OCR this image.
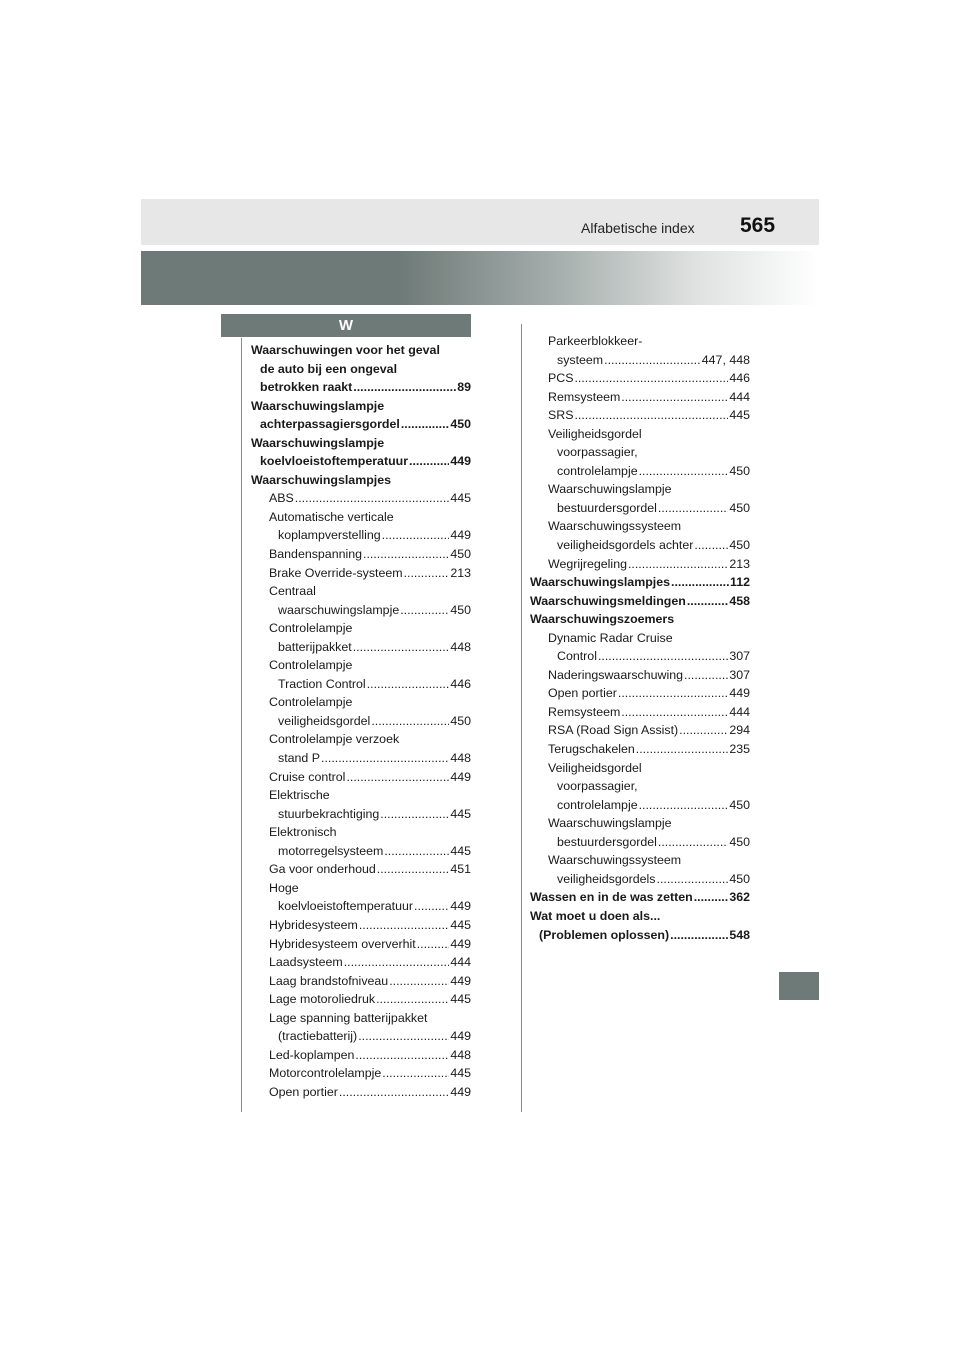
Alfabetische index 565
W
Waarschuwingen voor het geval
de auto bij een ongeval
betrokken raakt .....	89
Waarschuwingslampje
achterpassagiersgordel .....	450
Waarschuwingslampje
koelvloeistoftemperatuur .....	449
Waarschuwingslampjes
ABS .....	445
Automatische verticale
koplampverstelling .....	449
Bandenspanning .....	450
Brake Override-systeem .....	213
Centraal
waarschuwingslampje .....	450
Controlelampje
batterijpakket .....	448
Controlelampje
Traction Control .....	446
Controlelampje
veiligheidsgordel .....	450
Controlelampje verzoek
stand P .....	448
Cruise control .....	449
Elektrische
stuurbekrachtiging .....	445
Elektronisch
motorregelsysteem .....	445
Ga voor onderhoud .....	451
Hoge
koelvloeistoftemperatuur .....	449
Hybridesysteem .....	445
Hybridesysteem oververhit .....	449
Laadsysteem .....	444
Laag brandstofniveau .....	449
Lage motoroliedruk .....	445
Lage spanning batterijpakket
(tractiebatterij) .....	449
Led-koplampen .....	448
Motorcontrolelampje .....	445
Open portier .....	449
Parkeerblokkeer-
systeem .....	447, 448
PCS .....	446
Remsysteem .....	444
SRS .....	445
Veiligheidsgordel
voorpassagier,
controlelampje .....	450
Waarschuwingslampje
bestuurdersgordel .....	450
Waarschuwingssysteem
veiligheidsgordels achter .....	450
Wegrijregeling .....	213
Waarschuwingslampjes .....	112
Waarschuwingsmeldingen .....	458
Waarschuwingszoemers
Dynamic Radar Cruise
Control .....	307
Naderingswaarschuwing .....	307
Open portier .....	449
Remsysteem .....	444
RSA (Road Sign Assist) .....	294
Terugschakelen .....	235
Veiligheidsgordel
voorpassagier,
controlelampje .....	450
Waarschuwingslampje
bestuurdersgordel .....	450
Waarschuwingssysteem
veiligheidsgordels .....	450
Wassen en in de was zetten .....	362
Wat moet u doen als...
(Problemen oplossen) .....	548
